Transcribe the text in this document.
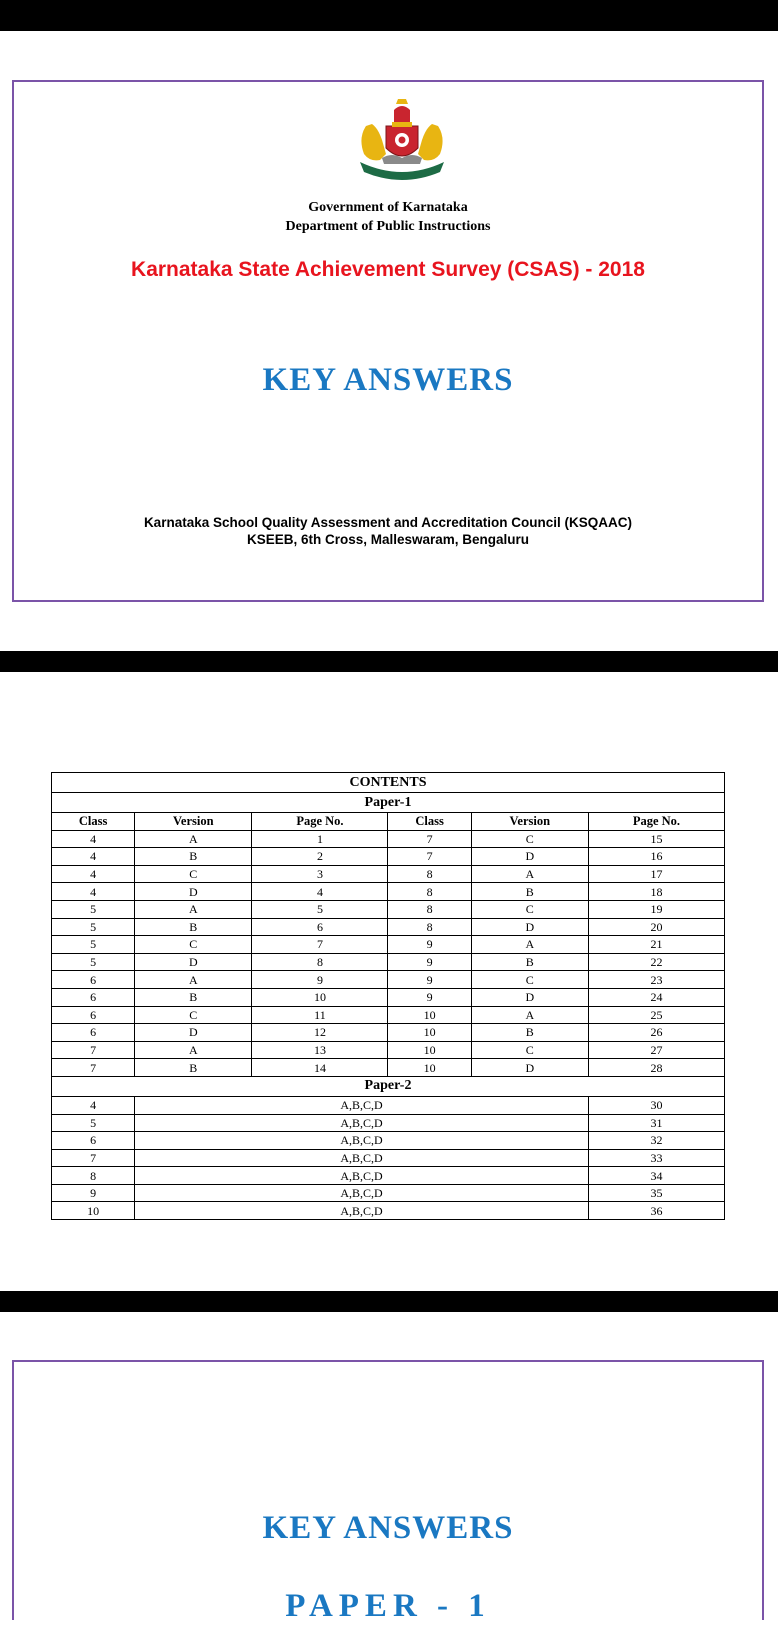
Government of Karnataka
Department of Public Instructions
Karnataka State Achievement Survey (CSAS) - 2018
KEY ANSWERS
Karnataka School Quality Assessment and Accreditation Council (KSQAAC)
KSEEB, 6th Cross, Malleswaram, Bengaluru
CONTENTS					
Paper-1					
Class	Version	Page No.	Class	Version	Page No.
4	A	1	7	C	15
4	B	2	7	D	16
4	C	3	8	A	17
4	D	4	8	B	18
5	A	5	8	C	19
5	B	6	8	D	20
5	C	7	9	A	21
5	D	8	9	B	22
6	A	9	9	C	23
6	B	10	9	D	24
6	C	11	10	A	25
6	D	12	10	B	26
7	A	13	10	C	27
7	B	14	10	D	28
Paper-2					
4	A,B,C,D				30
5	A,B,C,D				31
6	A,B,C,D				32
7	A,B,C,D				33
8	A,B,C,D				34
9	A,B,C,D				35
10	A,B,C,D				36
KEY ANSWERS
PAPER - 1
